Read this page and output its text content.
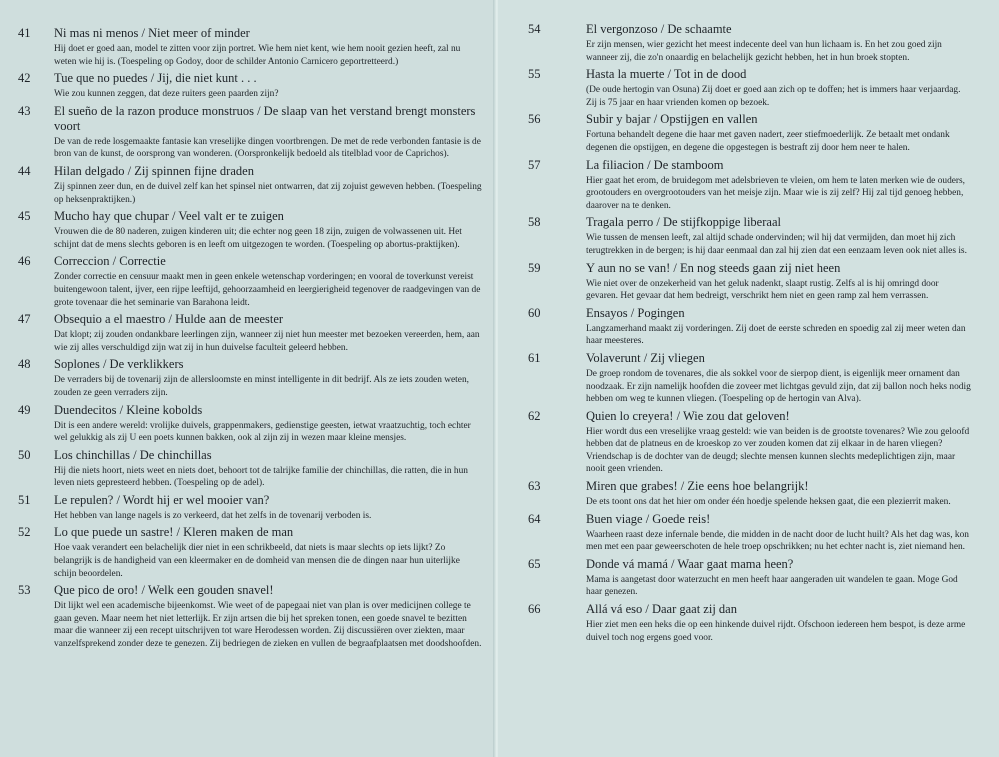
41 Ni mas ni menos / Niet meer of minder
Hij doet er goed aan, model te zitten voor zijn portret. Wie hem niet kent, wie hem nooit gezien heeft, zal nu weten wie hij is. (Toespeling op Godoy, door de schilder Antonio Carnicero geportretteerd.)
42 Tue que no puedes / Jij, die niet kunt . . .
Wie zou kunnen zeggen, dat deze ruiters geen paarden zijn?
43 El sueño de la razon produce monstruos / De slaap van het verstand brengt monsters voort
De van de rede losgemaakte fantasie kan vreselijke dingen voortbrengen. De met de rede verbonden fantasie is de bron van de kunst, de oorsprong van wonderen. (Oorspronkelijk bedoeld als titelblad voor de Caprichos).
44 Hilan delgado / Zij spinnen fijne draden
Zij spinnen zeer dun, en de duivel zelf kan het spinsel niet ontwarren, dat zij zojuist geweven hebben. (Toespeling op heksenpraktijken.)
45 Mucho hay que chupar / Veel valt er te zuigen
Vrouwen die de 80 naderen, zuigen kinderen uit; die echter nog geen 18 zijn, zuigen de volwassenen uit. Het schijnt dat de mens slechts geboren is en leeft om uitgezogen te worden. (Toespeling op abortus-praktijken).
46 Correccion / Correctie
Zonder correctie en censuur maakt men in geen enkele wetenschap vorderingen; en vooral de toverkunst vereist buitengewoon talent, ijver, een rijpe leeftijd, gehoorzaamheid en leergierigheid tegenover de raadgevingen van de grote tovenaar die het seminarie van Barahona leidt.
47 Obsequio a el maestro / Hulde aan de meester
Dat klopt; zij zouden ondankbare leerlingen zijn, wanneer zij niet hun meester met bezoeken vereerden, hem, aan wie zij alles verschuldigd zijn wat zij in hun duivelse faculteit geleerd hebben.
48 Soplones / De verklikkers
De verraders bij de tovenarij zijn de allersloomste en minst intelligente in dit bedrijf. Als ze iets zouden weten, zouden ze geen verraders zijn.
49 Duendecitos / Kleine kobolds
Dit is een andere wereld: vrolijke duivels, grappenmakers, gedienstige geesten, ietwat vraatzuchtig, toch echter wel gelukkig als zij U een poets kunnen bakken, ook al zijn zij in wezen maar kleine mensjes.
50 Los chinchillas / De chinchillas
Hij die niets hoort, niets weet en niets doet, behoort tot de talrijke familie der chinchillas, die ratten, die in hun leven niets gepresteerd hebben. (Toespeling op de adel).
51 Le repulen? / Wordt hij er wel mooier van?
Het hebben van lange nagels is zo verkeerd, dat het zelfs in de tovenarij verboden is.
52 Lo que puede un sastre! / Kleren maken de man
Hoe vaak verandert een belachelijk dier niet in een schrikbeeld, dat niets is maar slechts op iets lijkt? Zo belangrijk is de handigheid van een kleermaker en de domheid van mensen die de dingen naar hun uiterlijke schijn beoordelen.
53 Que pico de oro! / Welk een gouden snavel!
Dit lijkt wel een academische bijeenkomst. Wie weet of de papegaai niet van plan is over medicijnen college te gaan geven. Maar neem het niet letterlijk. Er zijn artsen die bij het spreken tonen, een goede snavel te bezitten maar die wanneer zij een recept uitschrijven tot ware Herodessen worden. Zij discussiëren over ziekten, maar vanzelfsprekend zonder deze te genezen. Zij bedriegen de zieken en vullen de begraafplaatsen met doodshoofden.
54	El vergonzoso / De schaamte
Er zijn mensen, wier gezicht het meest indecente deel van hun lichaam is. En het zou goed zijn wanneer zij, die zo'n onaardig en belachelijk gezicht hebben, het in hun broek stopten.
55	Hasta la muerte / Tot in de dood
(De oude hertogin van Osuna) Zij doet er goed aan zich op te doffen; het is immers haar verjaardag. Zij is 75 jaar en haar vrienden komen op bezoek.
56	Subir y bajar / Opstijgen en vallen
Fortuna behandelt degene die haar met gaven nadert, zeer stiefmoederlijk. Ze betaalt met ondank degenen die opstijgen, en degene die opgestegen is bestraft zij door hem neer te halen.
57	La filiacion / De stamboom
Hier gaat het erom, de bruidegom met adelsbrieven te vleien, om hem te laten merken wie de ouders, grootouders en overgrootouders van het meisje zijn. Maar wie is zij zelf? Hij zal tijd genoeg hebben, daarover na te denken.
58	Tragala perro / De stijfkoppige liberaal
Wie tussen de mensen leeft, zal altijd schade ondervinden; wil hij dat vermijden, dan moet hij zich terugtrekken in de bergen; is hij daar eenmaal dan zal hij zien dat een eenzaam leven ook niet alles is.
59	Y aun no se van! / En nog steeds gaan zij niet heen
Wie niet over de onzekerheid van het geluk nadenkt, slaapt rustig. Zelfs al is hij omringd door gevaren. Het gevaar dat hem bedreigt, verschrikt hem niet en geen ramp zal hem verrassen.
60	Ensayos / Pogingen
Langzamerhand maakt zij vorderingen. Zij doet de eerste schreden en spoedig zal zij meer weten dan haar meesteres.
61	Volaverunt / Zij vliegen
De groep rondom de tovenares, die als sokkel voor de sierpop dient, is eigenlijk meer ornament dan noodzaak. Er zijn namelijk hoofden die zoveer met lichtgas gevuld zijn, dat zij ballon noch heks nodig hebben om weg te kunnen vliegen. (Toespeling op de hertogin van Alva).
62	Quien lo creyera! / Wie zou dat geloven!
Hier wordt dus een vreselijke vraag gesteld: wie van beiden is de grootste tovenares? Wie zou geloofd hebben dat de platneus en de kroeskop zo ver zouden komen dat zij elkaar in de haren vliegen? Vriendschap is de dochter van de deugd; slechte mensen kunnen slechts medeplichtigen zijn, maar nooit geen vrienden.
63	Miren que grabes! / Zie eens hoe belangrijk!
De ets toont ons dat het hier om onder één hoedje spelende heksen gaat, die een plezierrit maken.
64	Buen viage / Goede reis!
Waarheen raast deze infernale bende, die midden in de nacht door de lucht huilt? Als het dag was, kon men met een paar geweerschoten de hele troep opschrikken; nu het echter nacht is, ziet niemand hen.
65	Donde vá mamá / Waar gaat mama heen?
Mama is aangetast door waterzucht en men heeft haar aangeraden uit wandelen te gaan. Moge God haar genezen.
66	Allá vá eso / Daar gaat zij dan
Hier ziet men een heks die op een hinkende duivel rijdt. Ofschoon iedereen hem bespot, is deze arme duivel toch nog ergens goed voor.
